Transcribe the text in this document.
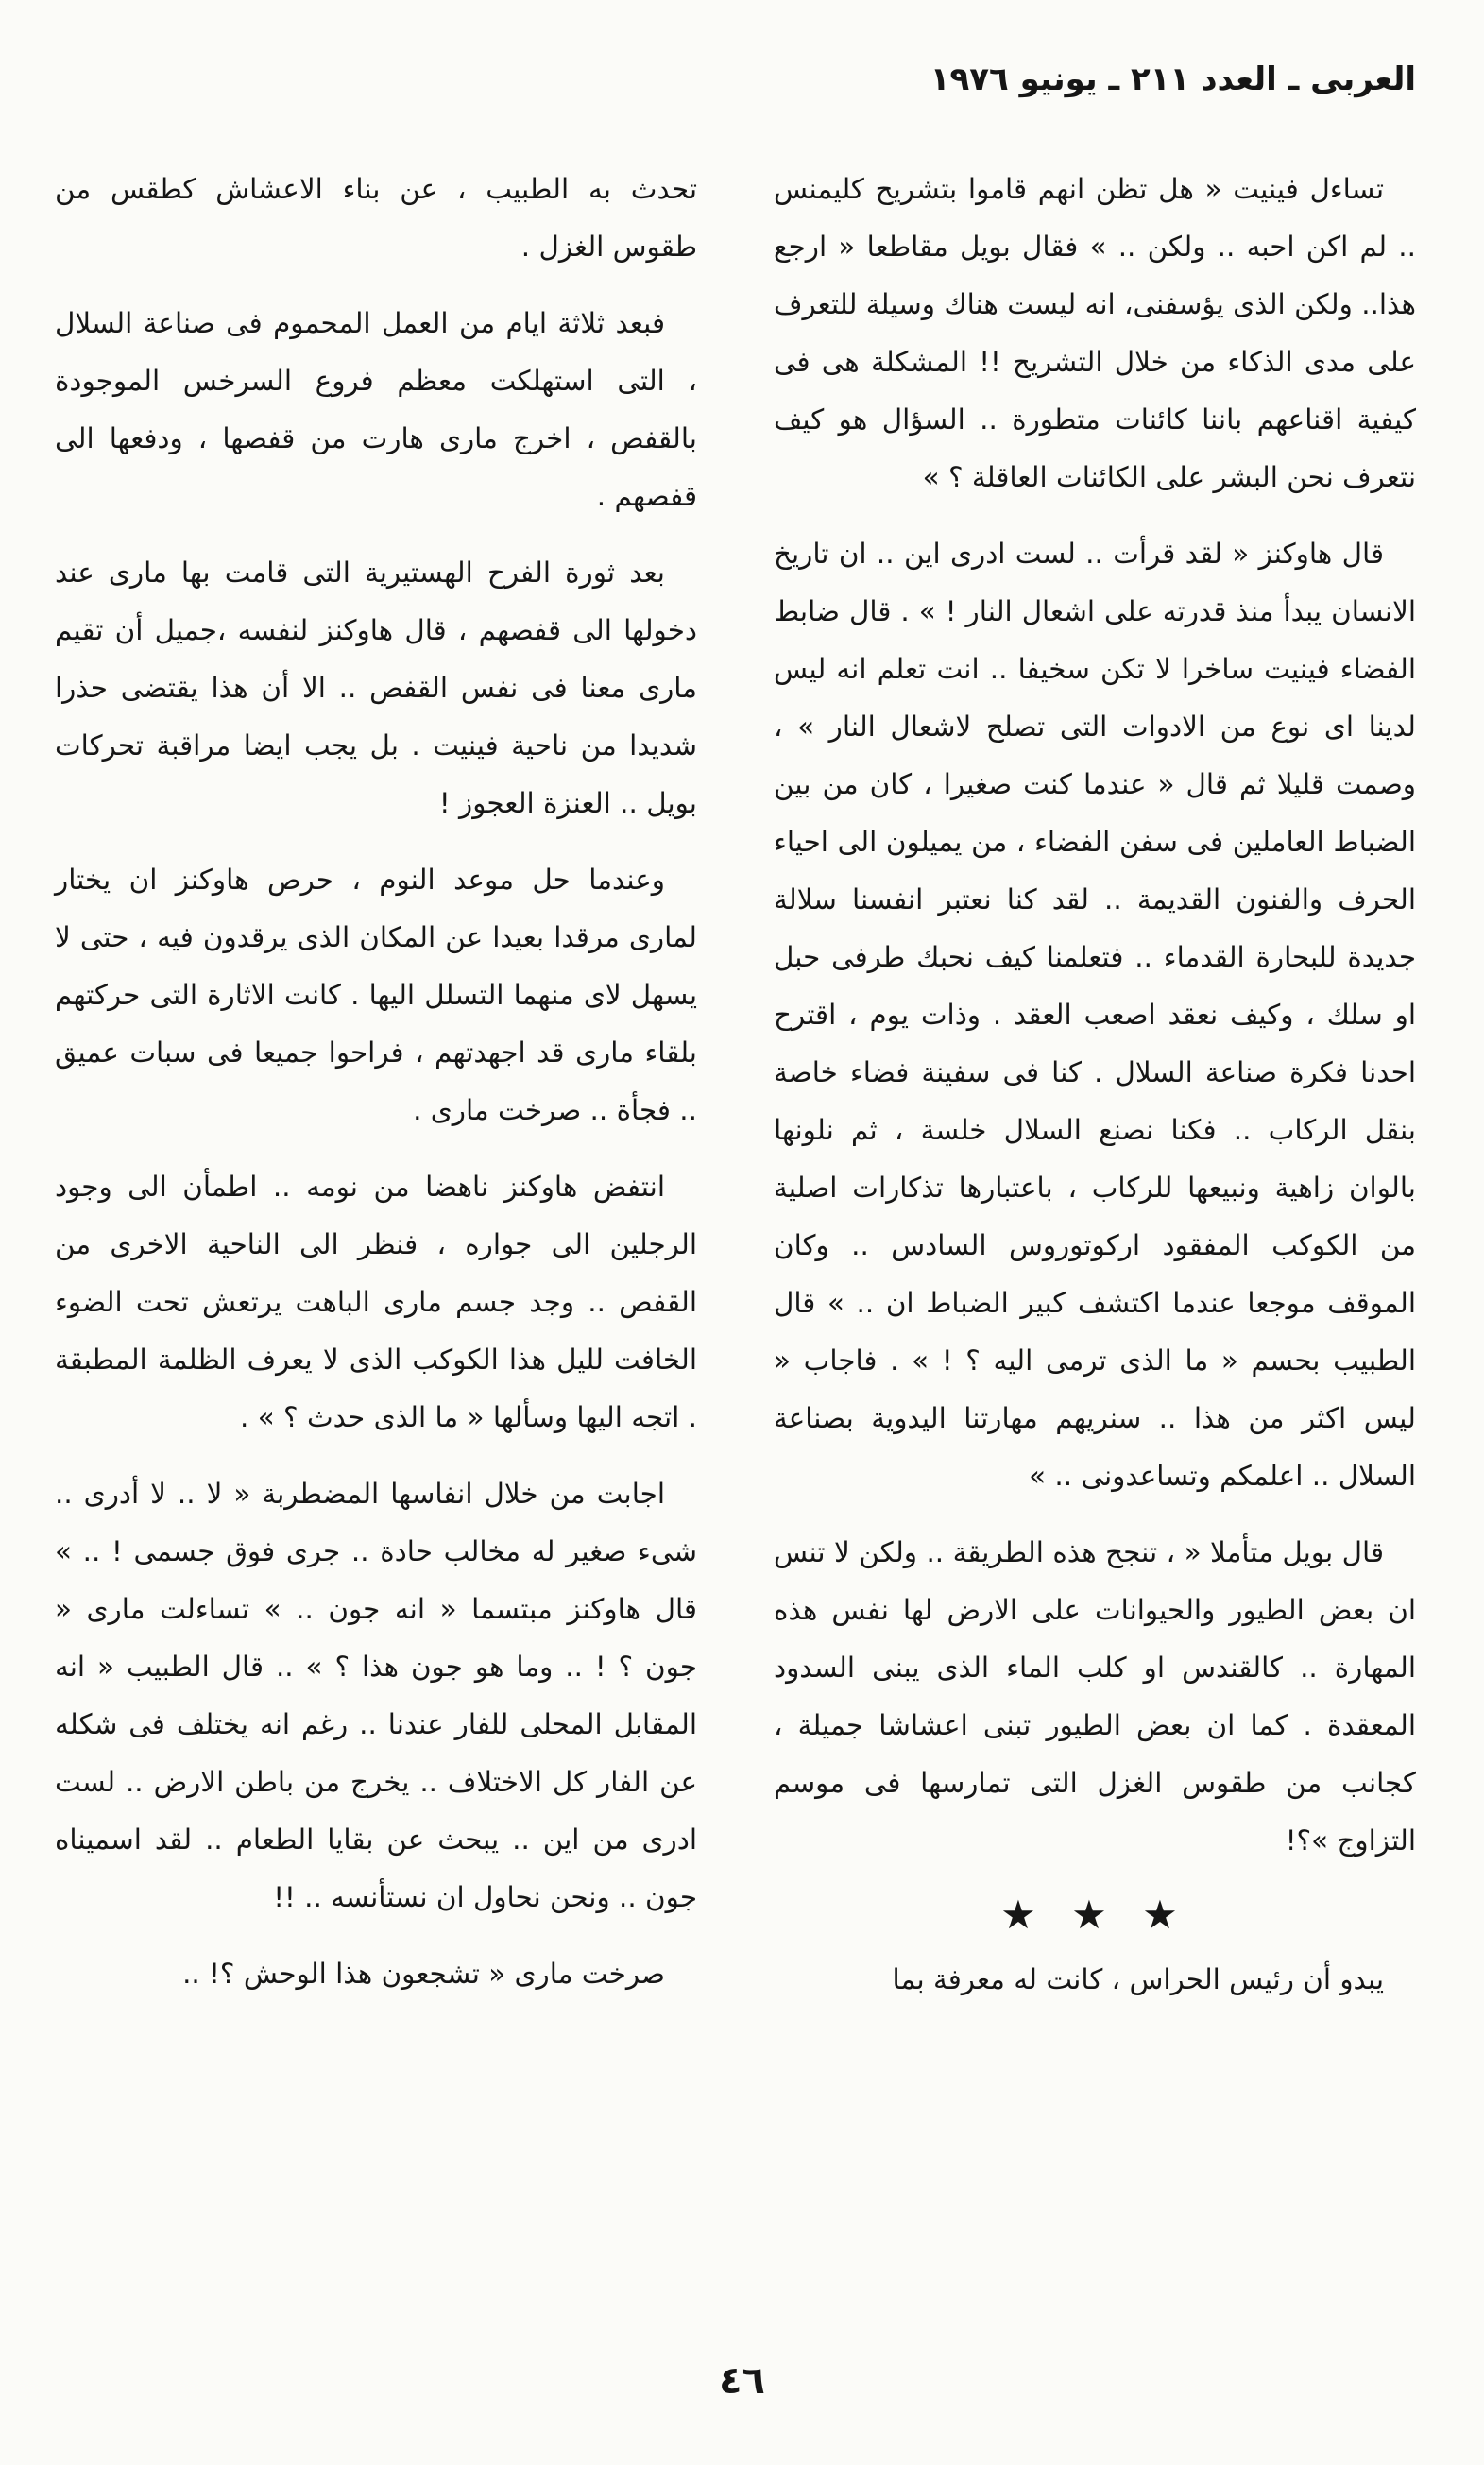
العربى ـ العدد ٢١١ ـ يونيو ١٩٧٦

تساءل فينيت « هل تظن انهم قاموا بتشريح كليمنس .. لم اكن احبه .. ولكن .. » فقال بويل مقاطعا « ارجع هذا.. ولكن الذى يؤسفنى، انه ليست هناك وسيلة للتعرف على مدى الذكاء من خلال التشريح !! المشكلة هى فى كيفية اقناعهم باننا كائنات متطورة .. السؤال هو كيف نتعرف نحن البشر على الكائنات العاقلة ؟ »

قال هاوكنز « لقد قرأت .. لست ادرى اين .. ان تاريخ الانسان يبدأ منذ قدرته على اشعال النار ! » . قال ضابط الفضاء فينيت ساخرا لا تكن سخيفا .. انت تعلم انه ليس لدينا اى نوع من الادوات التى تصلح لاشعال النار » ، وصمت قليلا ثم قال « عندما كنت صغيرا ، كان من بين الضباط العاملين فى سفن الفضاء ، من يميلون الى احياء الحرف والفنون القديمة .. لقد كنا نعتبر انفسنا سلالة جديدة للبحارة القدماء .. فتعلمنا كيف نحبك طرفى حبل او سلك ، وكيف نعقد اصعب العقد . وذات يوم ، اقترح احدنا فكرة صناعة السلال . كنا فى سفينة فضاء خاصة بنقل الركاب .. فكنا نصنع السلال خلسة ، ثم نلونها بالوان زاهية ونبيعها للركاب ، باعتبارها تذكارات اصلية من الكوكب المفقود اركوتوروس السادس .. وكان الموقف موجعا عندما اكتشف كبير الضباط ان .. » قال الطبيب بحسم « ما الذى ترمى اليه ؟ ! » . فاجاب « ليس اكثر من هذا .. سنريهم مهارتنا اليدوية بصناعة السلال .. اعلمكم وتساعدونى .. »

قال بويل متأملا « ، تنجح هذه الطريقة .. ولكن لا تنس ان بعض الطيور والحيوانات على الارض لها نفس هذه المهارة .. كالقندس او كلب الماء الذى يبنى السدود المعقدة . كما ان بعض الطيور تبنى اعشاشا جميلة ، كجانب من طقوس الغزل التى تمارسها فى موسم التزاوج »؟!

★ ★ ★

يبدو أن رئيس الحراس ، كانت له معرفة بما

تحدث به الطبيب ، عن بناء الاعشاش كطقس من طقوس الغزل .

فبعد ثلاثة ايام من العمل المحموم فى صناعة السلال ، التى استهلكت معظم فروع السرخس الموجودة بالقفص ، اخرج مارى هارت من قفصها ، ودفعها الى قفصهم .

بعد ثورة الفرح الهستيرية التى قامت بها مارى عند دخولها الى قفصهم ، قال هاوكنز لنفسه ،جميل أن تقيم مارى معنا فى نفس القفص .. الا أن هذا يقتضى حذرا شديدا من ناحية فينيت . بل يجب ايضا مراقبة تحركات بويل .. العنزة العجوز !

وعندما حل موعد النوم ، حرص هاوكنز ان يختار لمارى مرقدا بعيدا عن المكان الذى يرقدون فيه ، حتى لا يسهل لاى منهما التسلل اليها . كانت الاثارة التى حركتهم بلقاء مارى قد اجهدتهم ، فراحوا جميعا فى سبات عميق .. فجأة .. صرخت مارى .

انتفض هاوكنز ناهضا من نومه .. اطمأن الى وجود الرجلين الى جواره ، فنظر الى الناحية الاخرى من القفص .. وجد جسم مارى الباهت يرتعش تحت الضوء الخافت لليل هذا الكوكب الذى لا يعرف الظلمة المطبقة . اتجه اليها وسألها « ما الذى حدث ؟ » .

اجابت من خلال انفاسها المضطربة « لا .. لا أدرى .. شىء صغير له مخالب حادة .. جرى فوق جسمى ! .. » قال هاوكنز مبتسما « انه جون .. » تساءلت مارى « جون ؟ ! .. وما هو جون هذا ؟ » .. قال الطبيب « انه المقابل المحلى للفار عندنا .. رغم انه يختلف فى شكله عن الفار كل الاختلاف .. يخرج من باطن الارض .. لست ادرى من اين .. يبحث عن بقايا الطعام .. لقد اسميناه جون .. ونحن نحاول ان نستأنسه .. !!

صرخت مارى « تشجعون هذا الوحش ؟! ..

٤٦
